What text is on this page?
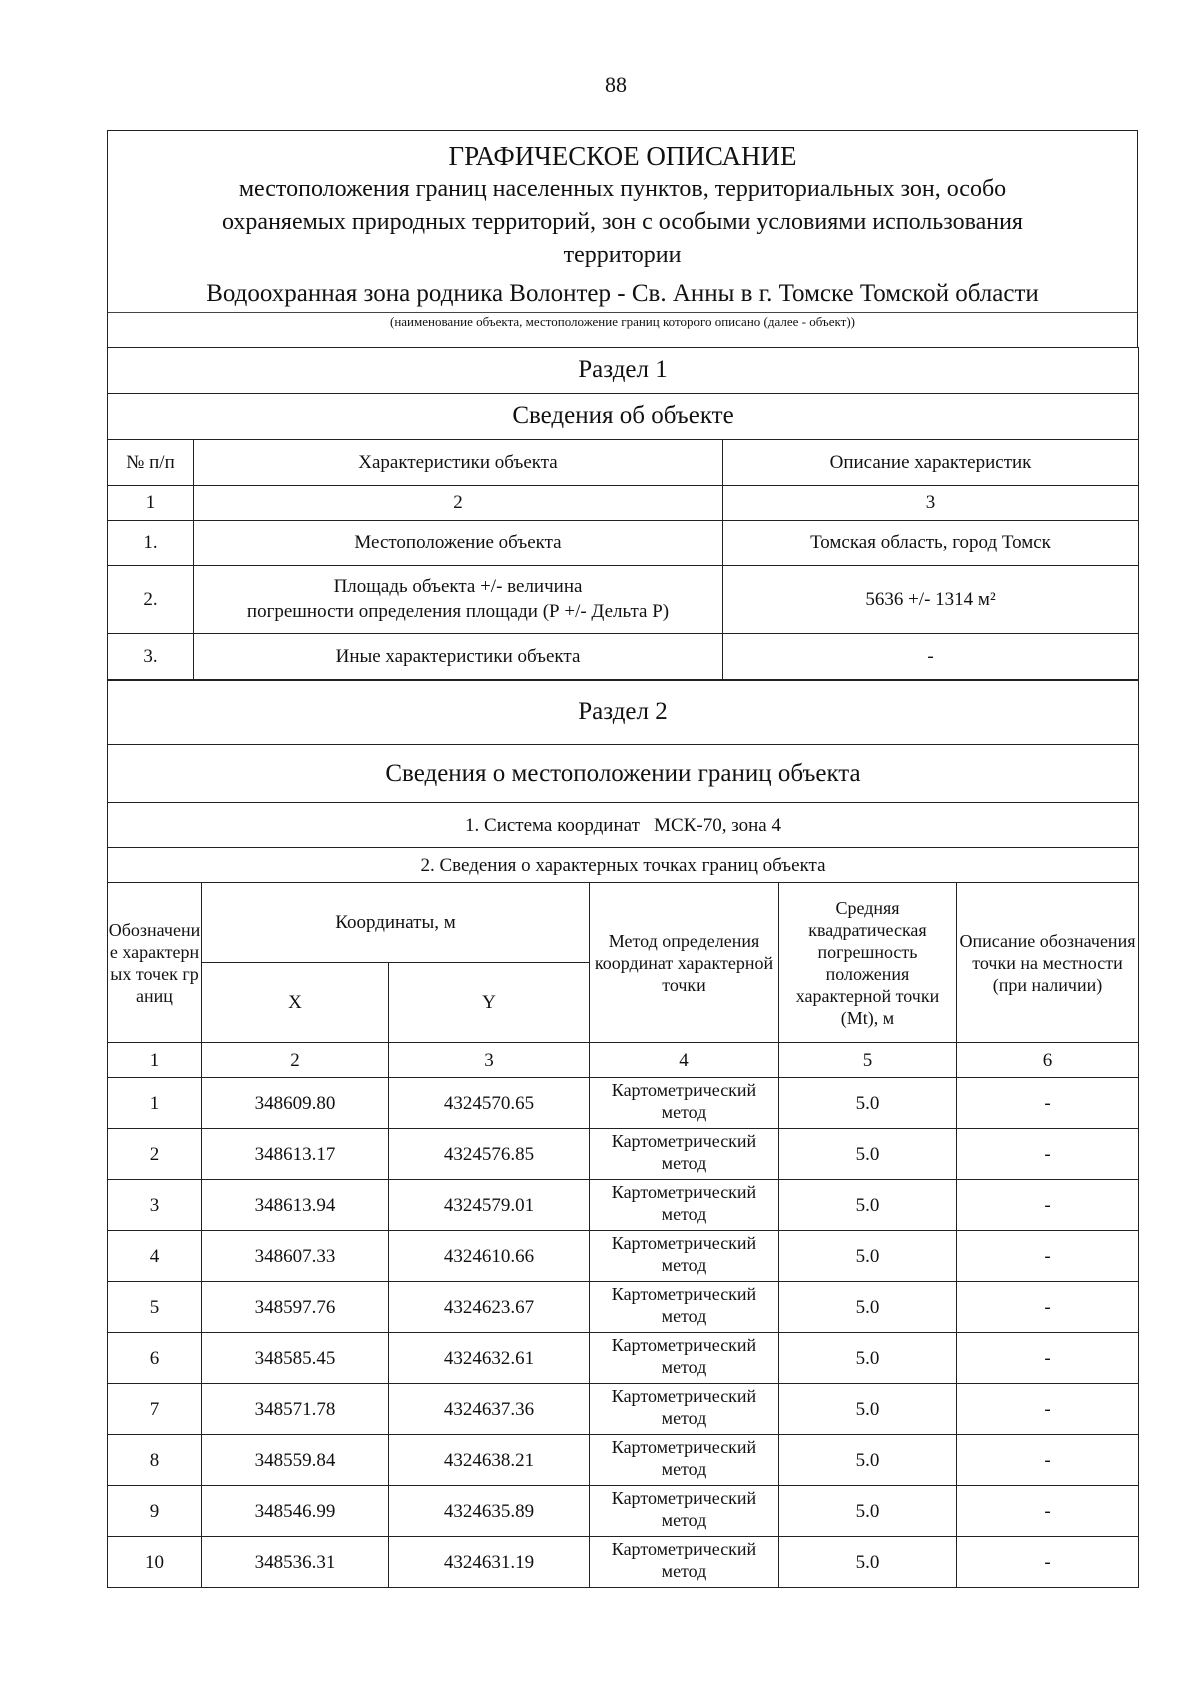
88
ГРАФИЧЕСКОЕ ОПИСАНИЕ
местоположения границ населенных пунктов, территориальных зон, особо
охраняемых природных территорий, зон с особыми условиями использования
территории
Водоохранная зона родника Волонтер - Св. Анны в г. Томске Томской области

(наименование объекта, местоположение границ которого описано (далее - объект))
Раздел 1		
Сведения об объекте		
№ п/п	Характеристики объекта	Описание характеристик
1	2	3
1.	Местоположение объекта	Томская область, город Томск
2.	Площадь объекта +/- величина
погрешности определения площади (Р +/- Дельта Р)	5636 +/- 1314 м²
3.	Иные характеристики объекта	-
Раздел 2					
Сведения о местоположении границ объекта					
1. Система координат   МСК-70, зона 4					
2. Сведения о характерных точках границ объекта					
Обозначение характерных точек границ	Координаты, м		Метод определения координат характерной точки	Средняя квадратическая погрешность положения характерной точки (Mt), м	Описание обозначения точки на местности (при наличии)
	X	Y			
1	2	3	4	5	6
1	348609.80	4324570.65	Картометрический метод	5.0	-
2	348613.17	4324576.85	Картометрический метод	5.0	-
3	348613.94	4324579.01	Картометрический метод	5.0	-
4	348607.33	4324610.66	Картометрический метод	5.0	-
5	348597.76	4324623.67	Картометрический метод	5.0	-
6	348585.45	4324632.61	Картометрический метод	5.0	-
7	348571.78	4324637.36	Картометрический метод	5.0	-
8	348559.84	4324638.21	Картометрический метод	5.0	-
9	348546.99	4324635.89	Картометрический метод	5.0	-
10	348536.31	4324631.19	Картометрический метод	5.0	-
